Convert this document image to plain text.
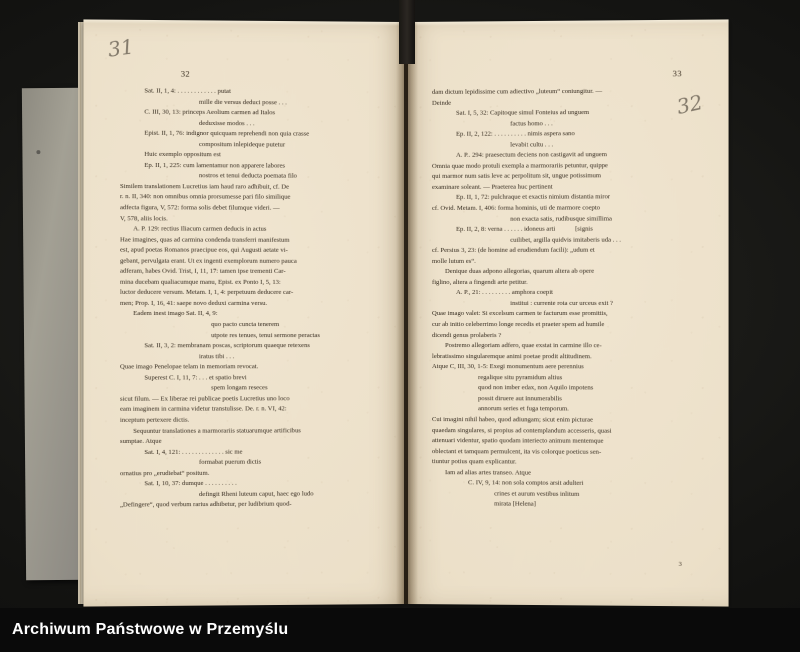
31
32
Sat. II, 1, 4: . . . . . . . . . . . . putat
mille die versus deduci posse . . .
C. III, 30, 13: princeps Aeolium carmen ad Italos
deduxisse modos . . .
Epist. II, 1, 76: indignor quicquam reprehendi non quia crasse
compositum inlepideque putetur
Huic exemplo oppositum est
Ep. II, 1, 225: cum lamentamur non apparere labores
nostros et tenui deducta poemata filo
Similem translationem Lucretius iam haud raro adhibuit, cf. De
r. n. II, 340: non omnibus omnia prorsumesse pari filo similique
adfecta figura, V, 572: forma solis debet filumque videri. —
V, 578, aliis locis.
A. P. 129: rectius Iliacum carmen deducis in actus
Hae imagines, quas ad carmina condenda transferri manifestum
est, apud poetas Romanos praecipue eos, qui Augusti aetate vi-
gebant, pervulgata erant. Ut ex ingenti exemplorum numero pauca
adferam, habes Ovid. Trist, I, 11, 17: tamen ipse trementi Car-
mina ducebam qualiacumque manu, Epist. ex Ponto I, 5, 13:
luctor deducere versum. Metam. I, 1, 4: perpetuum deducere car-
men; Prop. I, 16, 41: saepe novo deduxi carmina versu.
Eadem inest imago Sat. II, 4, 9:
quo pacto cuncta tenerem
utpote res tenues, tenui sermone peractas
Sat. II, 3, 2: membranam poscas, scriptorum quaeque retexens
iratus tibi . . .
Quae imago Penelopae telam in memoriam revocat.
Superest C. I, 11, 7: . . . et spatio brevi
spem longam reseces
sicut filum. — Ex liberae rei publicae poetis Lucretius uno loco
eam imaginem in carmina videtur transtulisse. De. r. n. VI, 42:
inceptum pertexere dictis.
Sequuntur translationes a marmorariis statuarumque artificibus
sumptae. Atque
Sat. I, 4, 121: . . . . . . . . . . . . . sic me
formabat puerum dictis
ornatius pro „erudiebat“ positum.
Sat. I, 10, 37: dumque . . . . . . . . . .
defingit Rheni luteum caput, haec ego ludo
„Defingere“, quod verbum rarius adhibetur, per ludibrium quod-
32
33
dam dictum lepidissime cum adiectivo „luteum“ coniungitur. —
Deinde
Sat. I, 5, 32: Capitoque simul Fonteius ad unguem
factus homo . . .
Ep. II, 2, 122: . . . . . . . . . . nimis aspera sano
levabit cultu . . .
A. P.. 294: praesectum deciens non castigavit ad unguem
Omnia quae modo protuli exempla a marmorariis petuntur, quippe
qui marmor num satis leve ac perpolitum sit, ungue potissimum
examinare soleant. — Praeterea huc pertinent
Ep. II, 1, 72: pulchraque et exactis nimium distantia miror
cf. Ovid. Metam. I, 406: forma hominis, uti de marmore coepto
non exacta satis, rudibusque simillima
Ep. II, 2, 8: verna . . . . . . idoneus arti            [signis
cuilibet, argilla quidvis imitaberis uda . . .
cf. Persius 3, 23: (de homine ad erudiendum facili): „udum et
molle lutum es“.
Denique duas adpono allegorias, quarum altera ab opere
figlino, altera a fingendi arte petitur.
A. P., 21: . . . . . . . . . amphora coepit
institui : currente rota cur urceus exit ?
Quae imago valet: Si excelsum carmen te facturum esse promittis,
cur ab initio celeberrimo longe recedis et praeter spem ad humile
dicendi genus prolaberis ?
Postremo allegoriam adfero, quae exstat in carmine illo ce-
lebratissimo singularemque animi poetae prodit altitudinem.
Atque C, III, 30, 1-5: Exegi monumentum aere perennius
regalique situ pyramidum altius
quod non imber edax, non Aquilo impotens
possit diruere aut innumerabilis
annorum series et fuga temporum.
Cui imagini nihil habeo, quod adiungam; sicut enim picturae
quaedam singulares, si propius ad contemplandum accesseris, quasi
attenuari videntur, spatio quodam interiecto animum mentemque
oblectant et tamquam permulcent, ita vis colorque poeticus sen-
tiuntur potius quam explicantur.
Iam ad alias artes transeo. Atque
C. IV, 9, 14: non sola comptos arsit adulteri
crines et aurum vestibus inlitum
mirata [Helena]
3
Archiwum Państwowe w Przemyślu
